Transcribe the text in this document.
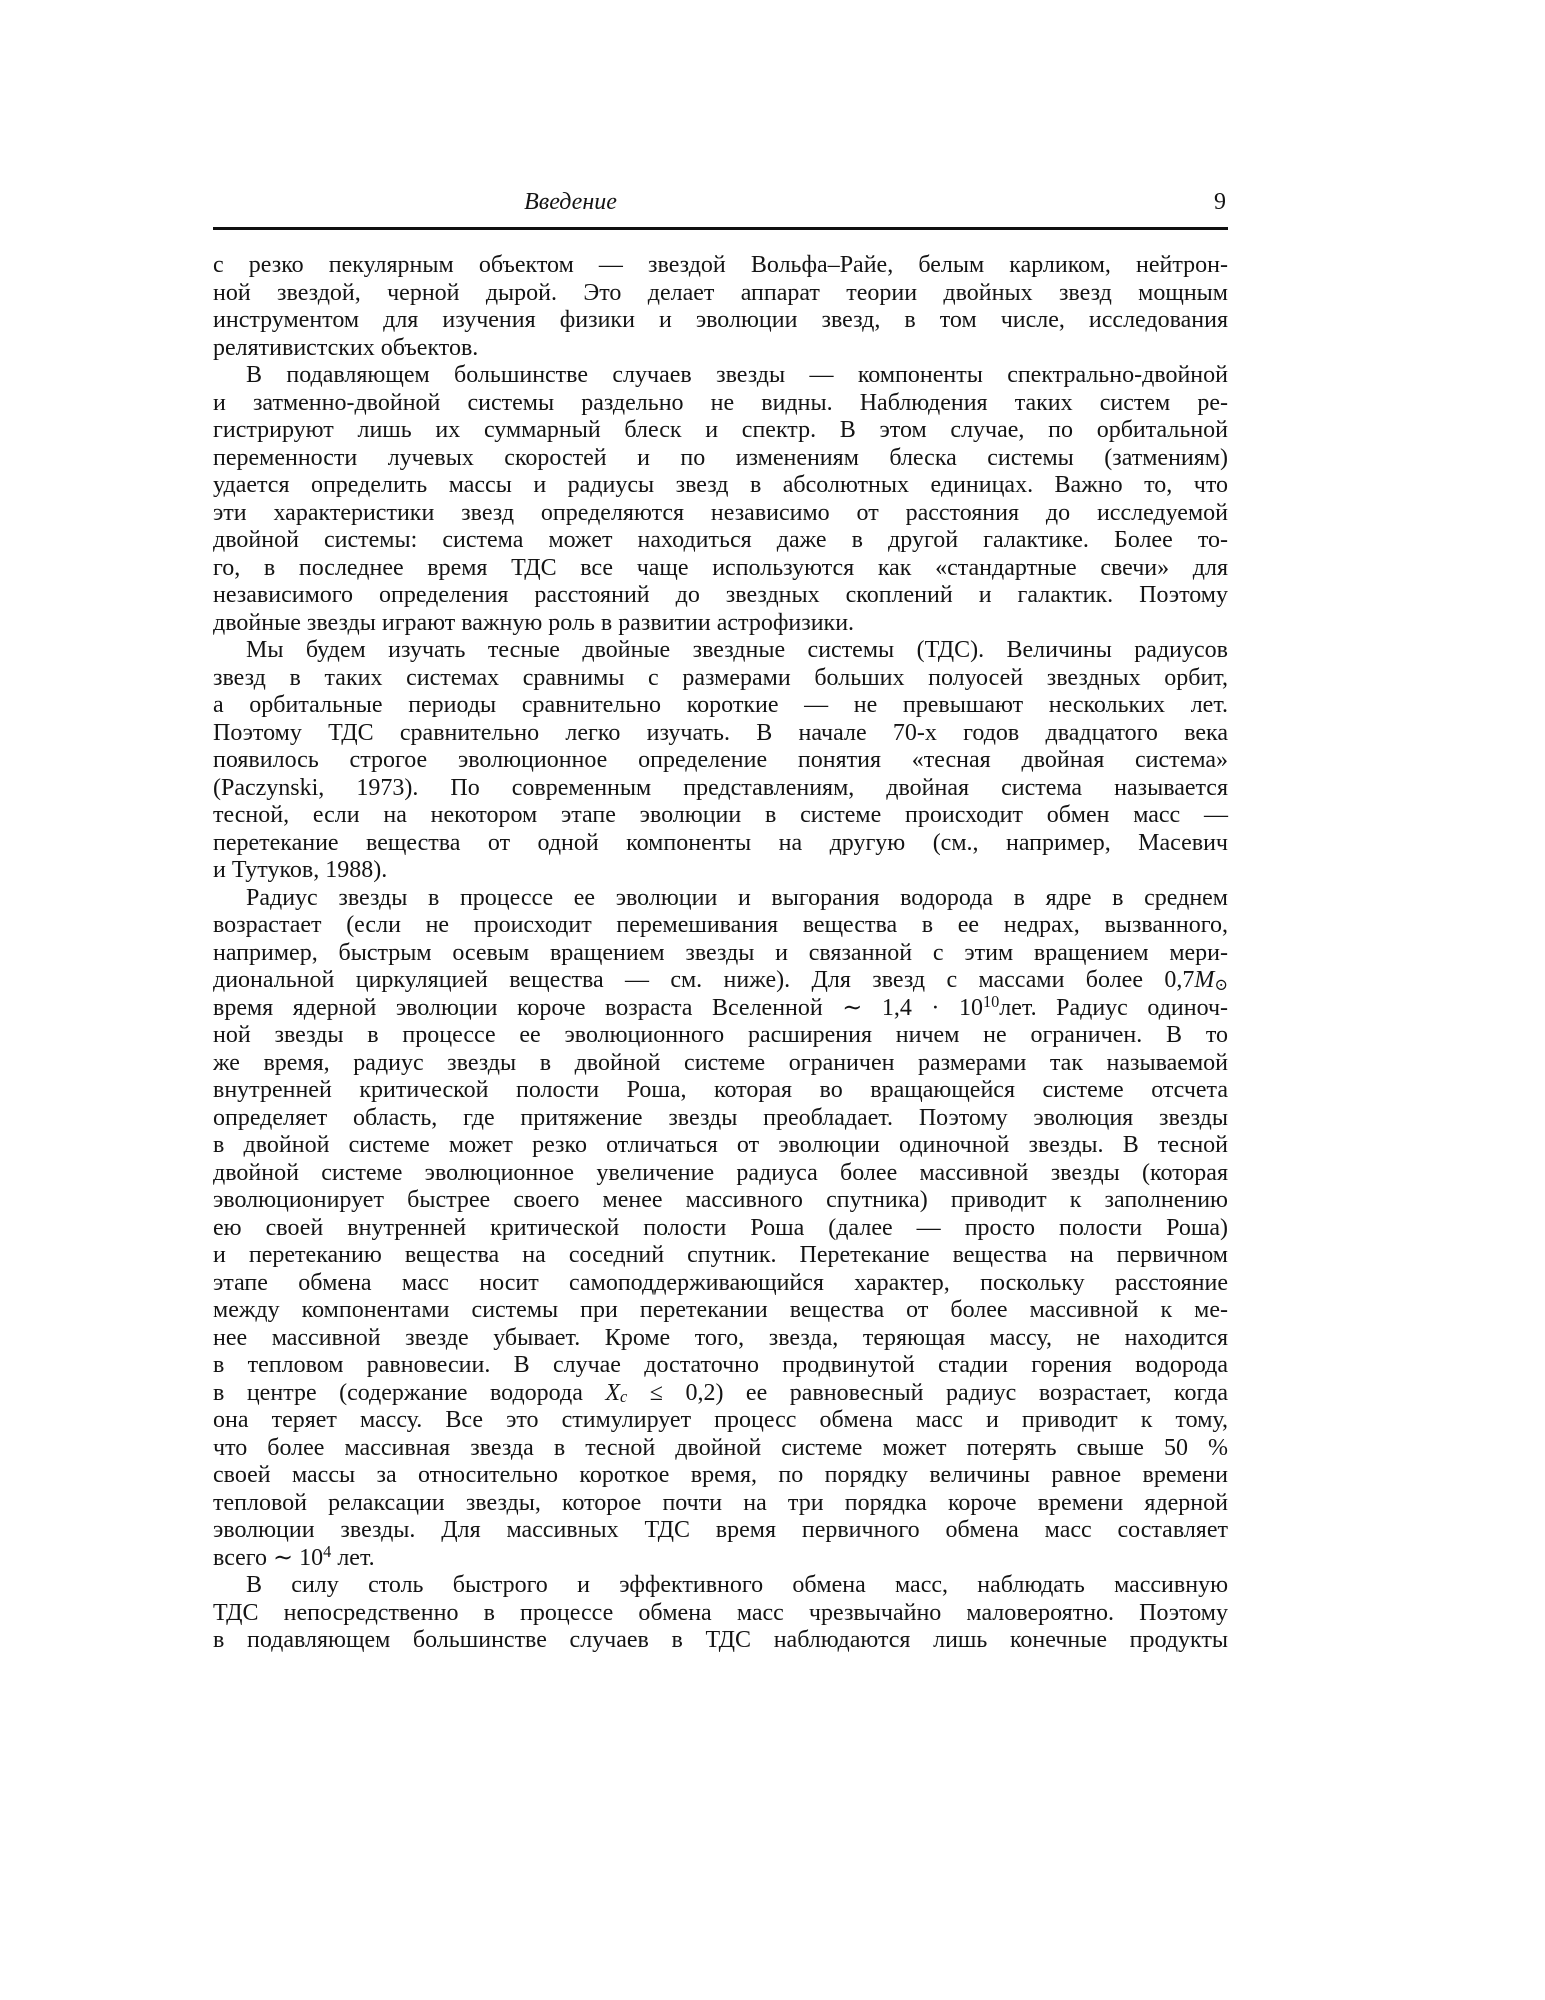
Введение	9
с резко пекулярным объектом — звездой Вольфа–Райе, белым карликом, нейтрон-
ной звездой, черной дырой. Это делает аппарат теории двойных звезд мощным
инструментом для изучения физики и эволюции звезд, в том числе, исследования
релятивистских объектов.
В подавляющем большинстве случаев звезды — компоненты спектрально-двойной
и затменно-двойной системы раздельно не видны. Наблюдения таких систем ре-
гистрируют лишь их суммарный блеск и спектр. В этом случае, по орбитальной
переменности лучевых скоростей и по изменениям блеска системы (затмениям)
удается определить массы и радиусы звезд в абсолютных единицах. Важно то, что
эти характеристики звезд определяются независимо от расстояния до исследуемой
двойной системы: система может находиться даже в другой галактике. Более то-
го, в последнее время ТДС все чаще используются как «стандартные свечи» для
независимого определения расстояний до звездных скоплений и галактик. Поэтому
двойные звезды играют важную роль в развитии астрофизики.
Мы будем изучать тесные двойные звездные системы (ТДС). Величины радиусов
звезд в таких системах сравнимы с размерами больших полуосей звездных орбит,
а орбитальные периоды сравнительно короткие — не превышают нескольких лет.
Поэтому ТДС сравнительно легко изучать. В начале 70-х годов двадцатого века
появилось строгое эволюционное определение понятия «тесная двойная система»
(Paczynski, 1973). По современным представлениям, двойная система называется
тесной, если на некотором этапе эволюции в системе происходит обмен масс —
перетекание вещества от одной компоненты на другую (см., например, Масевич
и Тутуков, 1988).
Радиус звезды в процессе ее эволюции и выгорания водорода в ядре в среднем
возрастает (если не происходит перемешивания вещества в ее недрах, вызванного,
например, быстрым осевым вращением звезды и связанной с этим вращением мери-
диональной циркуляцией вещества — см. ниже). Для звезд с массами более $0,7M_⊙$
время ядерной эволюции короче возраста Вселенной ∼ $1,4 \cdot 10^{10}лет$. Радиус одиноч-
ной звезды в процессе ее эволюционного расширения ничем не ограничен. В то
же время, радиус звезды в двойной системе ограничен размерами так называемой
внутренней критической полости Роша, которая во вращающейся системе отсчета
определяет область, где притяжение звезды преобладает. Поэтому эволюция звезды
в двойной системе может резко отличаться от эволюции одиночной звезды. В тесной
двойной системе эволюционное увеличение радиуса более массивной звезды (которая
эволюционирует быстрее своего менее массивного спутника) приводит к заполнению
ею своей внутренней критической полости Роша (далее — просто полости Роша)
и перетеканию вещества на соседний спутник. Перетекание вещества на первичном
этапе обмена масс носит самоподдерживающийся характер, поскольку расстояние
между компонентами системы при перетекании вещества от более массивной к ме-
нее массивной звезде убывает. Кроме того, звезда, теряющая массу, не находится
в тепловом равновесии. В случае достаточно продвинутой стадии горения водорода
в центре (содержание водорода $X_c \le 0,2$) ее равновесный радиус возрастает, когда
она теряет массу. Все это стимулирует процесс обмена масс и приводит к тому,
что более массивная звезда в тесной двойной системе может потерять свыше 50 %
своей массы за относительно короткое время, по порядку величины равное времени
тепловой релаксации звезды, которое почти на три порядка короче времени ядерной
эволюции звезды. Для массивных ТДС время первичного обмена масс составляет
всего ∼ $10^4$ лет.
В силу столь быстрого и эффективного обмена масс, наблюдать массивную
ТДС непосредственно в процессе обмена масс чрезвычайно маловероятно. Поэтому
в подавляющем большинстве случаев в ТДС наблюдаются лишь конечные продукты
